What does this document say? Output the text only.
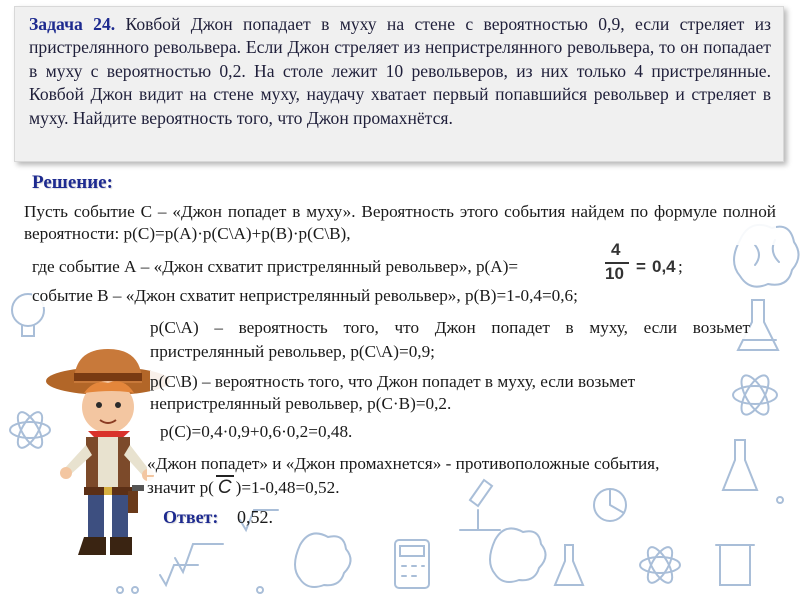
Задача 24. Ковбой Джон попадает в муху на стене с вероятностью 0,9, если стреляет из пристрелянного револьвера. Если Джон стреляет из непристрелянного револьвера, то он попадает в муху с вероятностью 0,2. На столе лежит 10 револьверов, из них только 4 пристрелянные. Ковбой Джон видит на стене муху, наудачу хватает первый попавшийся револьвер и стреляет в муху. Найдите вероятность того, что Джон промахнётся.
Решение:
Пусть событие С – «Джон попадет в муху». Вероятность этого события найдем по формуле полной вероятности: р(С)=р(А)·р(С\А)+р(В)·р(С\В),
где событие А – «Джон схватит пристрелянный револьвер», р(А)=
4
10 = 0,4 ;
событие В – «Джон схватит непристрелянный револьвер», р(В)=1-0,4=0,6;
р(С\А) – вероятность того, что Джон попадет в муху, если возьмет
пристрелянный револьвер, р(С\А)=0,9;
р(С\В) – вероятность того, что Джон попадет в муху, если возьмет
непристрелянный револьвер, р(С·В)=0,2.
р(С)=0,4·0,9+0,6·0,2=0,48.
«Джон попадет» и «Джон промахнется» - противоположные события,
значит р( С )=1-0,48=0,52.
Ответ: 0,52.
